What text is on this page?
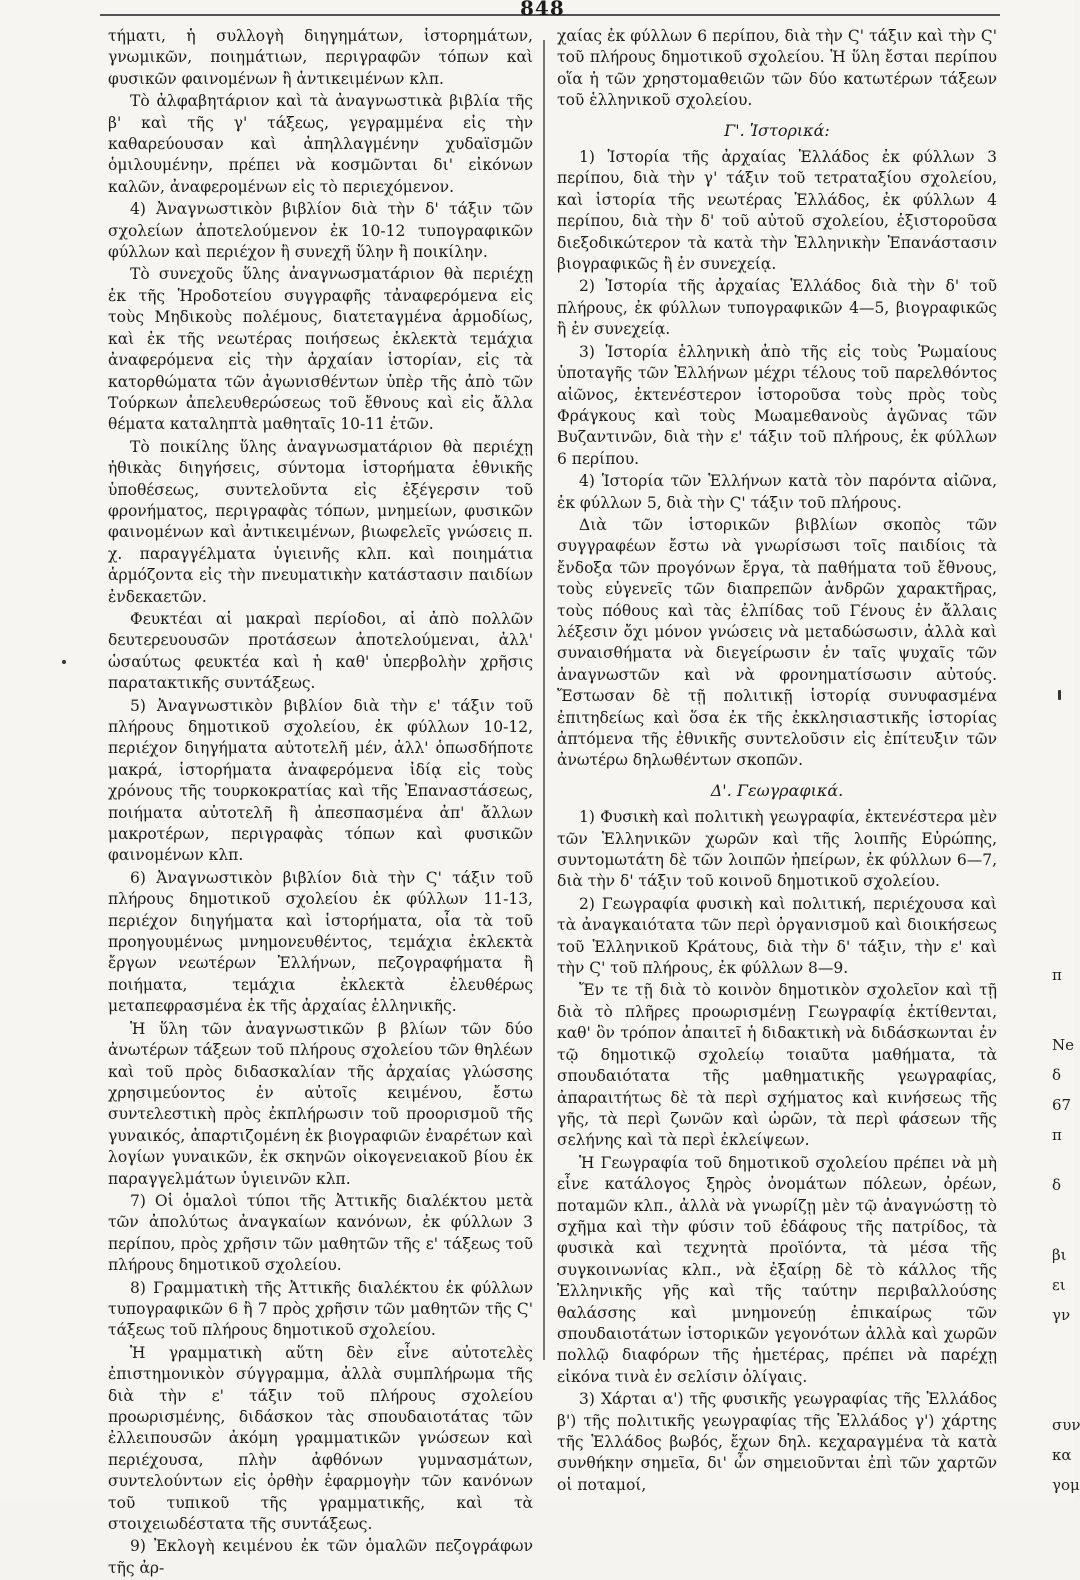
848

τήματι, ἡ συλλογὴ διηγημάτων, ἱστορημάτων, γνωμικῶν, ποιημάτιων, περιγραφῶν τόπων καὶ φυσικῶν φαινομένων ἢ ἀντικειμένων κλπ.

Τὸ ἀλφαβητάριον καὶ τὰ ἀναγνωστικὰ βιβλία τῆς β' καὶ τῆς γ' τάξεως, γεγραμμένα εἰς τὴν καθαρεύουσαν καὶ ἀπηλλαγμένην χυδαϊσμῶν ὁμιλουμένην, πρέπει νὰ κοσμῶνται δι' εἰκόνων καλῶν, ἀναφερομένων εἰς τὸ περιεχόμενον.

4) Ἀναγνωστικὸν βιβλίον διὰ τὴν δ' τάξιν τῶν σχολείων ἀποτελούμενον ἐκ 10-12 τυπογραφικῶν φύλλων καὶ περιέχον ἢ συνεχῆ ὕλην ἢ ποικίλην.

Τὸ συνεχοῦς ὕλης ἀναγνωσματάριον θὰ περιέχῃ ἐκ τῆς Ἡροδοτείου συγγραφῆς τἀναφερόμενα εἰς τοὺς Μηδικοὺς πολέμους, διατεταγμένα ἁρμοδίως, καὶ ἐκ τῆς νεωτέρας ποιήσεως ἐκλεκτὰ τεμάχια ἀναφερόμενα εἰς τὴν ἀρχαίαν ἱστορίαν, εἰς τὰ κατορθώματα τῶν ἀγωνισθέντων ὑπὲρ τῆς ἀπὸ τῶν Τούρκων ἀπελευθερώσεως τοῦ ἔθνους καὶ εἰς ἄλλα θέματα καταληπτὰ μαθηταῖς 10-11 ἐτῶν.

Τὸ ποικίλης ὕλης ἀναγνωσματάριον θὰ περιέχῃ ἠθικὰς διηγήσεις, σύντομα ἱστορήματα ἐθνικῆς ὑποθέσεως, συντελοῦντα εἰς ἐξέγερσιν τοῦ φρονήματος, περιγραφὰς τόπων, μνημείων, φυσικῶν φαινομένων καὶ ἀντικειμένων, βιωφελεῖς γνώσεις π. χ. παραγγέλματα ὑγιεινῆς κλπ. καὶ ποιημάτια ἁρμόζοντα εἰς τὴν πνευματικὴν κατάστασιν παιδίων ἐνδεκαετῶν.

Φευκτέαι αἱ μακραὶ περίοδοι, αἱ ἀπὸ πολλῶν δευτερευουσῶν προτάσεων ἀποτελούμεναι, ἀλλ' ὡσαύτως φευκτέα καὶ ἡ καθ' ὑπερβολὴν χρῆσις παρατακτικῆς συντάξεως.

5) Ἀναγνωστικὸν βιβλίον διὰ τὴν ε' τάξιν τοῦ πλήρους δημοτικοῦ σχολείου, ἐκ φύλλων 10-12, περιέχον διηγήματα αὐτοτελῆ μέν, ἀλλ' ὁπωσδήποτε μακρά, ἱστορήματα ἀναφερόμενα ἰδίᾳ εἰς τοὺς χρόνους τῆς τουρκοκρατίας καὶ τῆς Ἐπαναστάσεως, ποιήματα αὐτοτελῆ ἢ ἀπεσπασμένα ἀπ' ἄλλων μακροτέρων, περιγραφὰς τόπων καὶ φυσικῶν φαινομένων κλπ.

6) Ἀναγνωστικὸν βιβλίον διὰ τὴν Ϛ' τάξιν τοῦ πλήρους δημοτικοῦ σχολείου ἐκ φύλλων 11-13, περιέχον διηγήματα καὶ ἱστορήματα, οἷα τὰ τοῦ προηγουμένως μνημονευθέντος, τεμάχια ἐκλεκτὰ ἔργων νεωτέρων Ἑλλήνων, πεζογραφήματα ἢ ποιήματα, τεμάχια ἐκλεκτὰ ἐλευθέρως μεταπεφρασμένα ἐκ τῆς ἀρχαίας ἑλληνικῆς.

Ἡ ὕλη τῶν ἀναγνωστικῶν β βλίων τῶν δύο ἀνωτέρων τάξεων τοῦ πλήρους σχολείου τῶν θηλέων καὶ τοῦ πρὸς διδασκαλίαν τῆς ἀρχαίας γλώσσης χρησιμεύοντος ἐν αὐτοῖς κειμένου, ἔστω συντελεστικὴ πρὸς ἐκπλήρωσιν τοῦ προορισμοῦ τῆς γυναικός, ἀπαρτιζομένη ἐκ βιογραφιῶν ἐναρέτων καὶ λογίων γυναικῶν, ἐκ σκηνῶν οἰκογενειακοῦ βίου ἐκ παραγγελμάτων ὑγιεινῶν κλπ.

7) Οἱ ὁμαλοὶ τύποι τῆς Ἀττικῆς διαλέκτου μετὰ τῶν ἀπολύτως ἀναγκαίων κανόνων, ἐκ φύλλων 3 περίπου, πρὸς χρῆσιν τῶν μαθητῶν τῆς ε' τάξεως τοῦ πλήρους δημοτικοῦ σχολείου.

8) Γραμματικὴ τῆς Ἀττικῆς διαλέκτου ἐκ φύλλων τυπογραφικῶν 6 ἢ 7 πρὸς χρῆσιν τῶν μαθητῶν τῆς Ϛ' τάξεως τοῦ πλήρους δημοτικοῦ σχολείου.

Ἡ γραμματικὴ αὕτη δὲν εἶνε αὐτοτελὲς ἐπιστημονικὸν σύγγραμμα, ἀλλὰ συμπλήρωμα τῆς διὰ τὴν ε' τάξιν τοῦ πλήρους σχολείου προωρισμένης, διδάσκον τὰς σπουδαιοτάτας τῶν ἐλλειπουσῶν ἀκόμη γραμματικῶν γνώσεων καὶ περιέχουσα, πλὴν ἀφθόνων γυμνασμάτων, συντελούντων εἰς ὀρθὴν ἐφαρμογὴν τῶν κανόνων τοῦ τυπικοῦ τῆς γραμματικῆς, καὶ τὰ στοιχειωδέστατα τῆς συντάξεως.

9) Ἐκλογὴ κειμένου ἐκ τῶν ὁμαλῶν πεζογράφων τῆς ἀρ-

χαίας ἐκ φύλλων 6 περίπου, διὰ τὴν Ϛ' τάξιν καὶ τὴν Ϛ' τοῦ πλήρους δημοτικοῦ σχολείου. Ἡ ὕλη ἔσται περίπου οἵα ἡ τῶν χρηστομαθειῶν τῶν δύο κατωτέρων τάξεων τοῦ ἑλληνικοῦ σχολείου.

Γ'. Ἱστορικά:

1) Ἱστορία τῆς ἀρχαίας Ἑλλάδος ἐκ φύλλων 3 περίπου, διὰ τὴν γ' τάξιν τοῦ τετραταξίου σχολείου, καὶ ἱστορία τῆς νεωτέρας Ἑλλάδος, ἐκ φύλλων 4 περίπου, διὰ τὴν δ' τοῦ αὐτοῦ σχολείου, ἐξιστοροῦσα διεξοδικώτερον τὰ κατὰ τὴν Ἑλληνικὴν Ἐπανάστασιν βιογραφικῶς ἢ ἐν συνεχείᾳ.

2) Ἱστορία τῆς ἀρχαίας Ἑλλάδος διὰ τὴν δ' τοῦ πλήρους, ἐκ φύλλων τυπογραφικῶν 4—5, βιογραφικῶς ἢ ἐν συνεχείᾳ.

3) Ἱστορία ἑλληνικὴ ἀπὸ τῆς εἰς τοὺς Ῥωμαίους ὑποταγῆς τῶν Ἑλλήνων μέχρι τέλους τοῦ παρελθόντος αἰῶνος, ἐκτενέστερον ἱστοροῦσα τοὺς πρὸς τοὺς Φράγκους καὶ τοὺς Μωαμεθανοὺς ἀγῶνας τῶν Βυζαντινῶν, διὰ τὴν ε' τάξιν τοῦ πλήρους, ἐκ φύλλων 6 περίπου.

4) Ἱστορία τῶν Ἑλλήνων κατὰ τὸν παρόντα αἰῶνα, ἐκ φύλλων 5, διὰ τὴν Ϛ' τάξιν τοῦ πλήρους.

Διὰ τῶν ἱστορικῶν βιβλίων σκοπὸς τῶν συγγραφέων ἔστω νὰ γνωρίσωσι τοῖς παιδίοις τὰ ἔνδοξα τῶν προγόνων ἔργα, τὰ παθήματα τοῦ ἔθνους, τοὺς εὐγενεῖς τῶν διαπρεπῶν ἀνδρῶν χαρακτῆρας, τοὺς πόθους καὶ τὰς ἐλπίδας τοῦ Γένους ἐν ἄλλαις λέξεσιν ὄχι μόνον γνώσεις νὰ μεταδώσωσιν, ἀλλὰ καὶ συναισθήματα νὰ διεγείρωσιν ἐν ταῖς ψυχαῖς τῶν ἀναγνωστῶν καὶ νὰ φρονηματίσωσιν αὐτούς. Ἔστωσαν δὲ τῇ πολιτικῇ ἱστορίᾳ συνυφασμένα ἐπιτηδείως καὶ ὅσα ἐκ τῆς ἐκκλησιαστικῆς ἱστορίας ἀπτόμενα τῆς ἐθνικῆς συντελοῦσιν εἰς ἐπίτευξιν τῶν ἀνωτέρω δηλωθέντων σκοπῶν.

Δ'. Γεωγραφικά.

1) Φυσικὴ καὶ πολιτικὴ γεωγραφία, ἐκτενέστερα μὲν τῶν Ἑλληνικῶν χωρῶν καὶ τῆς λοιπῆς Εὐρώπης, συντομωτάτη δὲ τῶν λοιπῶν ἠπείρων, ἐκ φύλλων 6—7, διὰ τὴν δ' τάξιν τοῦ κοινοῦ δημοτικοῦ σχολείου.

2) Γεωγραφία φυσικὴ καὶ πολιτική, περιέχουσα καὶ τὰ ἀναγκαιότατα τῶν περὶ ὀργανισμοῦ καὶ διοικήσεως τοῦ Ἑλληνικοῦ Κράτους, διὰ τὴν δ' τάξιν, τὴν ε' καὶ τὴν Ϛ' τοῦ πλήρους, ἐκ φύλλων 8—9.

Ἔν τε τῇ διὰ τὸ κοινὸν δημοτικὸν σχολεῖον καὶ τῇ διὰ τὸ πλῆρες προωρισμένῃ Γεωγραφίᾳ ἐκτίθενται, καθ' ὃν τρόπον ἀπαιτεῖ ἡ διδακτικὴ νὰ διδάσκωνται ἐν τῷ δημοτικῷ σχολείῳ τοιαῦτα μαθήματα, τὰ σπουδαιότατα τῆς μαθηματικῆς γεωγραφίας, ἀπαραιτήτως δὲ τὰ περὶ σχήματος καὶ κινήσεως τῆς γῆς, τὰ περὶ ζωνῶν καὶ ὡρῶν, τὰ περὶ φάσεων τῆς σελήνης καὶ τὰ περὶ ἐκλείψεων.

Ἡ Γεωγραφία τοῦ δημοτικοῦ σχολείου πρέπει νὰ μὴ εἶνε κατάλογος ξηρὸς ὀνομάτων πόλεων, ὀρέων, ποταμῶν κλπ., ἀλλὰ νὰ γνωρίζῃ μὲν τῷ ἀναγνώστῃ τὸ σχῆμα καὶ τὴν φύσιν τοῦ ἐδάφους τῆς πατρίδος, τὰ φυσικὰ καὶ τεχνητὰ προϊόντα, τὰ μέσα τῆς συγκοινωνίας κλπ., νὰ ἐξαίρῃ δὲ τὸ κάλλος τῆς Ἑλληνικῆς γῆς καὶ τῆς ταύτην περιβαλλούσης θαλάσσης καὶ μνημονεύῃ ἐπικαίρως τῶν σπουδαιοτάτων ἱστορικῶν γεγονότων ἀλλὰ καὶ χωρῶν πολλῷ διαφόρων τῆς ἡμετέρας, πρέπει νὰ παρέχῃ εἰκόνα τινὰ ἐν σελίσιν ὀλίγαις.

3) Χάρται α') τῆς φυσικῆς γεωγραφίας τῆς Ἑλλάδος β') τῆς πολιτικῆς γεωγραφίας τῆς Ἑλλάδος γ') χάρτης τῆς Ἑλλάδος βωβός, ἔχων δηλ. κεχαραγμένα τὰ κατὰ συνθήκην σημεῖα, δι' ὧν σημειοῦνται ἐπὶ τῶν χαρτῶν οἱ ποταμοί,

π
Ne
δ
67
π
δ
βι
ει
γν
συν
κα
γομ
